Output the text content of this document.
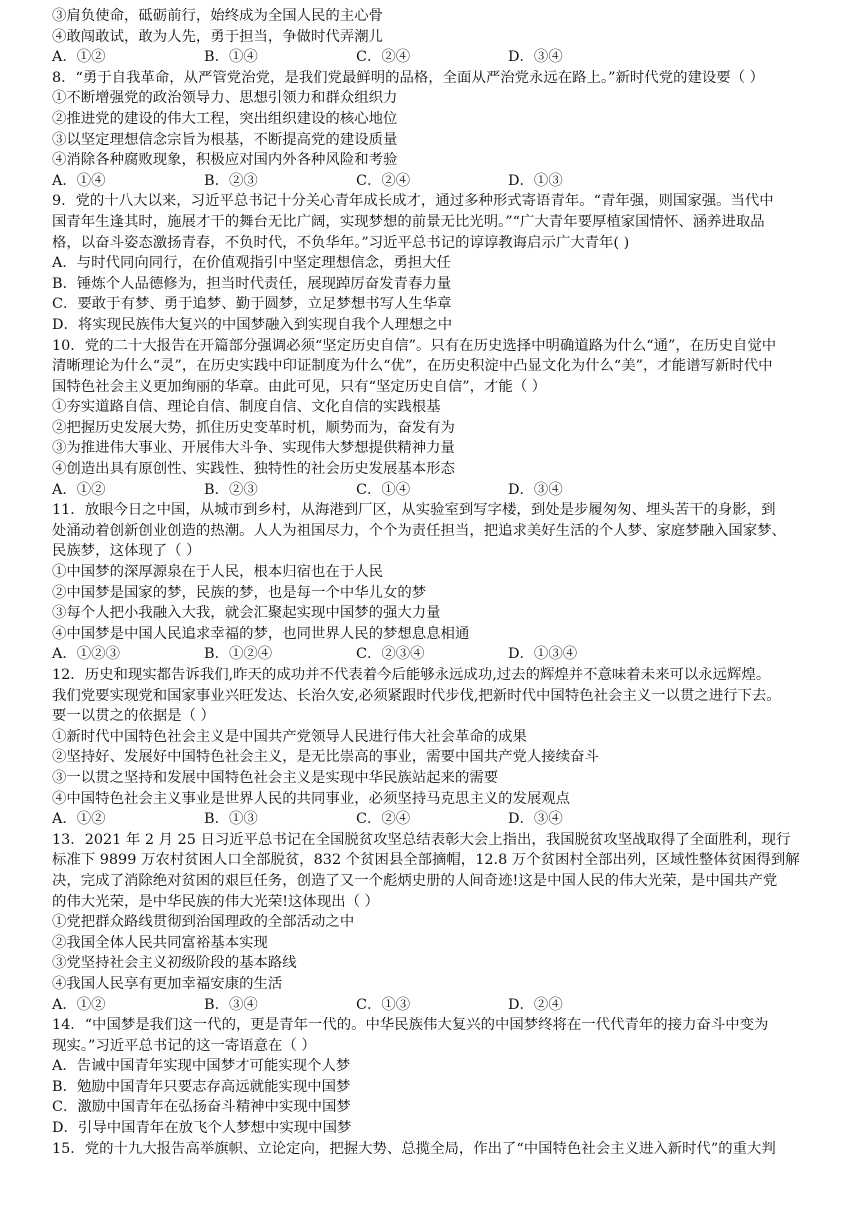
③肩负使命，砥砺前行，始终成为全国人民的主心骨
④敢闯敢试，敢为人先，勇于担当，争做时代弄潮儿
A．①②	B．①④	C．②④	D．③④
8．“勇于自我革命，从严管党治党，是我们党最鲜明的品格，全面从严治党永远在路上。”新时代党的建设要（ ）
①不断增强党的政治领导力、思想引领力和群众组织力
②推进党的建设的伟大工程，突出组织建设的核心地位
③以坚定理想信念宗旨为根基，不断提高党的建设质量
④消除各种腐败现象，积极应对国内外各种风险和考验
A．①④	B．②③	C．②④	D．①③
9．党的十八大以来，习近平总书记十分关心青年成长成才，通过多种形式寄语青年。“青年强，则国家强。当代中
国青年生逢其时，施展才干的舞台无比广阔，实现梦想的前景无比光明。”“广大青年要厚植家国情怀、涵养进取品
格，以奋斗姿态激扬青春，不负时代，不负华年。”习近平总书记的谆谆教诲启示广大青年( )
A．与时代同向同行，在价值观指引中坚定理想信念，勇担大任
B．锤炼个人品德修为，担当时代责任，展现踔厉奋发青春力量
C．要敢于有梦、勇于追梦、勤于圆梦，立足梦想书写人生华章
D．将实现民族伟大复兴的中国梦融入到实现自我个人理想之中
10．党的二十大报告在开篇部分强调必须“坚定历史自信”。只有在历史选择中明确道路为什么“通”，在历史自觉中
清晰理论为什么“灵”，在历史实践中印证制度为什么“优”，在历史积淀中凸显文化为什么“美”，才能谱写新时代中
国特色社会主义更加绚丽的华章。由此可见，只有“坚定历史自信”，才能（ ）
①夯实道路自信、理论自信、制度自信、文化自信的实践根基
②把握历史发展大势，抓住历史变革时机，顺势而为，奋发有为
③为推进伟大事业、开展伟大斗争、实现伟大梦想提供精神力量
④创造出具有原创性、实践性、独特性的社会历史发展基本形态
A．①②	B．②③	C．①④	D．③④
11．放眼今日之中国，从城市到乡村，从海港到厂区，从实验室到写字楼，到处是步履匆匆、埋头苦干的身影，到
处涌动着创新创业创造的热潮。人人为祖国尽力，个个为责任担当，把追求美好生活的个人梦、家庭梦融入国家梦、
民族梦，这体现了（ ）
①中国梦的深厚源泉在于人民，根本归宿也在于人民
②中国梦是国家的梦，民族的梦，也是每一个中华儿女的梦
③每个人把小我融入大我，就会汇聚起实现中国梦的强大力量
④中国梦是中国人民追求幸福的梦，也同世界人民的梦想息息相通
A．①②③	B．①②④	C．②③④	D．①③④
12．历史和现实都告诉我们,昨天的成功并不代表着今后能够永远成功,过去的辉煌并不意味着未来可以永远辉煌。
我们党要实现党和国家事业兴旺发达、长治久安,必须紧跟时代步伐,把新时代中国特色社会主义一以贯之进行下去。
要一以贯之的依据是（ ）
①新时代中国特色社会主义是中国共产党领导人民进行伟大社会革命的成果
②坚持好、发展好中国特色社会主义，是无比崇高的事业，需要中国共产党人接续奋斗
③一以贯之坚持和发展中国特色社会主义是实现中华民族站起来的需要
④中国特色社会主义事业是世界人民的共同事业，必须坚持马克思主义的发展观点
A．①②	B．①③	C．②④	D．③④
13．2021 年 2 月 25 日习近平总书记在全国脱贫攻坚总结表彰大会上指出，我国脱贫攻坚战取得了全面胜利，现行
标准下 9899 万农村贫困人口全部脱贫，832 个贫困县全部摘帽，12.8 万个贫困村全部出列，区域性整体贫困得到解
决，完成了消除绝对贫困的艰巨任务，创造了又一个彪炳史册的人间奇迹!这是中国人民的伟大光荣，是中国共产党
的伟大光荣，是中华民族的伟大光荣!这体现出（ ）
①党把群众路线贯彻到治国理政的全部活动之中
②我国全体人民共同富裕基本实现
③党坚持社会主义初级阶段的基本路线
④我国人民享有更加幸福安康的生活
A．①②	B．③④	C．①③	D．②④
14．“中国梦是我们这一代的，更是青年一代的。中华民族伟大复兴的中国梦终将在一代代青年的接力奋斗中变为
现实。”习近平总书记的这一寄语意在（ ）
A．告诫中国青年实现中国梦才可能实现个人梦
B．勉励中国青年只要志存高远就能实现中国梦
C．激励中国青年在弘扬奋斗精神中实现中国梦
D．引导中国青年在放飞个人梦想中实现中国梦
15．党的十九大报告高举旗帜、立论定向，把握大势、总揽全局，作出了“中国特色社会主义进入新时代”的重大判
